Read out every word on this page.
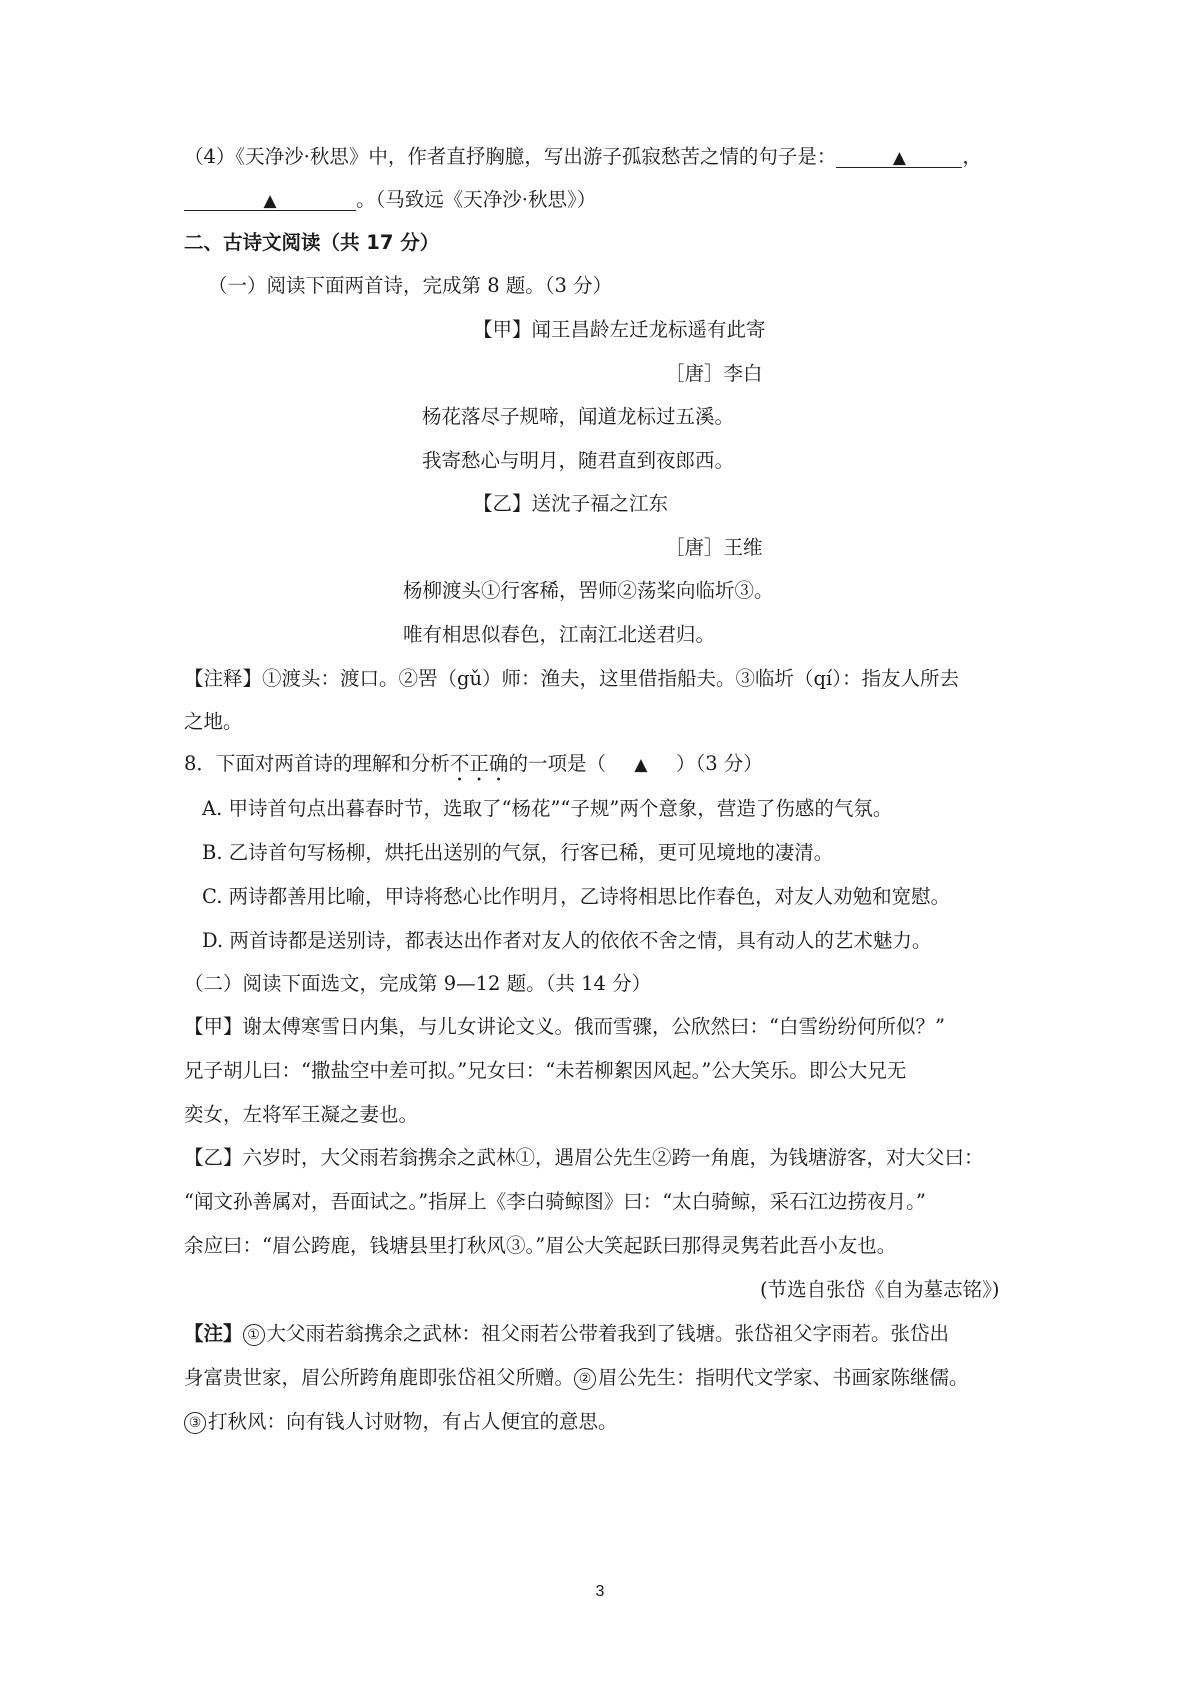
（4）《天净沙·秋思》中，作者直抒胸臆，写出游子孤寂愁苦之情的句子是：	▲	，
▲	。（马致远《天净沙·秋思》）
二、古诗文阅读（共 17 分）
（一）阅读下面两首诗，完成第 8 题。（3 分）
【甲】闻王昌龄左迁龙标遥有此寄
［唐］李白
杨花落尽子规啼，闻道龙标过五溪。
我寄愁心与明月，随君直到夜郎西。
【乙】送沈子福之江东
［唐］王维
杨柳渡头①行客稀，罟师②荡桨向临圻③。
唯有相思似春色，江南江北送君归。
【注释】①渡头：渡口。②罟（gǔ）师：渔夫，这里借指船夫。③临圻（qí）：指友人所去
之地。
8．下面对两首诗的理解和分析不正确的一项是（ ▲ ）（3 分）
A. 甲诗首句点出暮春时节，选取了“杨花”“子规”两个意象，营造了伤感的气氛。
B. 乙诗首句写杨柳，烘托出送别的气氛，行客已稀，更可见境地的凄清。
C. 两诗都善用比喻，甲诗将愁心比作明月，乙诗将相思比作春色，对友人劝勉和宽慰。
D. 两首诗都是送别诗，都表达出作者对友人的依依不舍之情，具有动人的艺术魅力。
（二）阅读下面选文，完成第 9—12 题。（共 14 分）
【甲】谢太傅寒雪日内集，与儿女讲论文义。俄而雪骤，公欣然曰：“白雪纷纷何所似？”
兄子胡儿曰：“撒盐空中差可拟。”兄女曰：“未若柳絮因风起。”公大笑乐。即公大兄无
奕女，左将军王凝之妻也。
【乙】六岁时，大父雨若翁携余之武林①，遇眉公先生②跨一角鹿，为钱塘游客，对大父曰：
“闻文孙善属对，吾面试之。”指屏上《李白骑鲸图》曰：“太白骑鲸，采石江边捞夜月。”
余应曰：“眉公跨鹿，钱塘县里打秋风③。”眉公大笑起跃曰那得灵隽若此吾小友也。
(节选自张岱《自为墓志铭》)
【注】 ① 大父雨若翁携余之武林：祖父雨若公带着我到了钱塘。张岱祖父字雨若。张岱出
身富贵世家，眉公所跨角鹿即张岱祖父所赠。 ② 眉公先生：指明代文学家、书画家陈继儒。
③ 打秋风：向有钱人讨财物，有占人便宜的意思。
3
